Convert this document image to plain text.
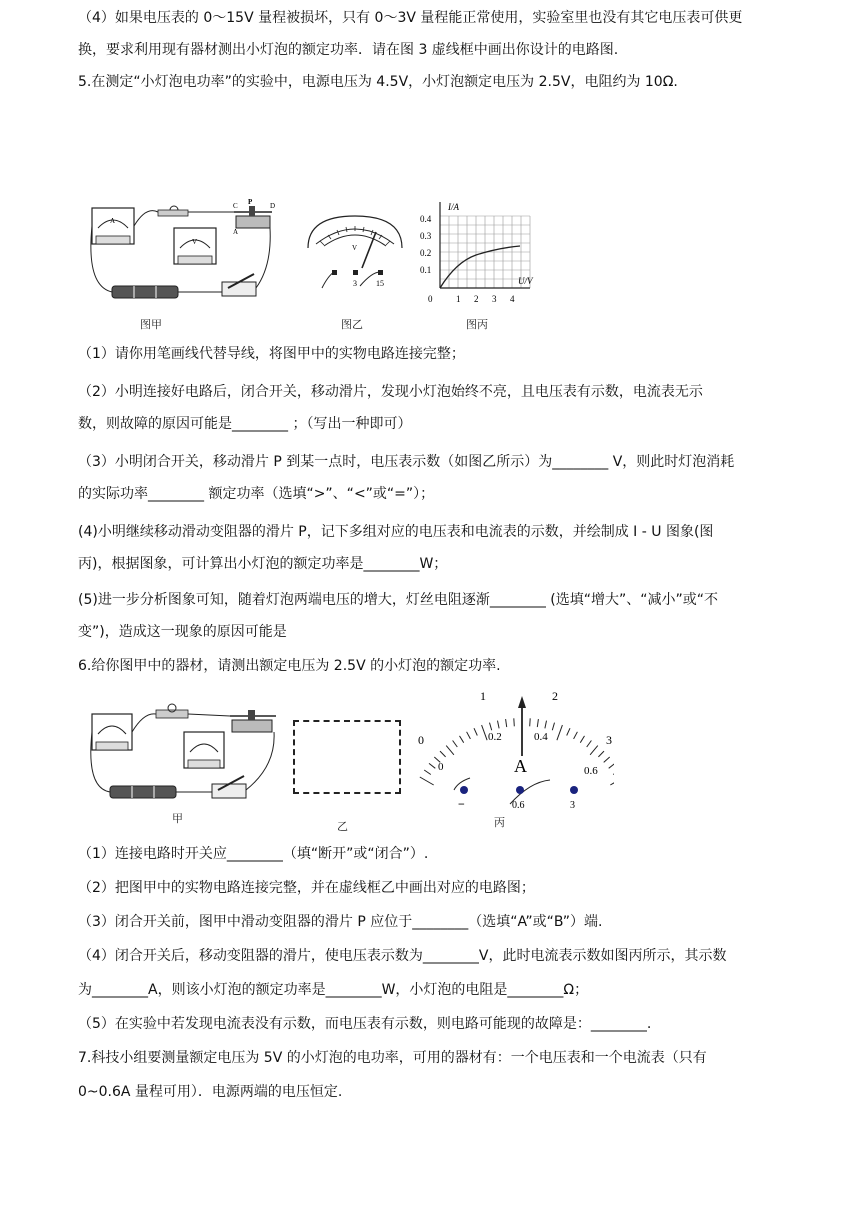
（4）如果电压表的 0～15V 量程被损坏，只有 0～3V 量程能正常使用，实验室里也没有其它电压表可供更
换，要求利用现有器材测出小灯泡的额定功率．请在图 3 虚线框中画出你设计的电路图.
5.在测定“小灯泡电功率”的实验中，电源电压为 4.5V，小灯泡额定电压为 2.5V，电阻约为 10Ω.
A
V
C P	D
A
图甲
V
3 15
图乙
I/A
U/V
0.4
0.3
0.2
0.1
0	1 2 3 4
图丙
（1）请你用笔画线代替导线，将图甲中的实物电路连接完整；
（2）小明连接好电路后，闭合开关，移动滑片，发现小灯泡始终不亮，且电压表有示数，电流表无示
数，则故障的原因可能是________ ；（写出一种即可）
（3）小明闭合开关，移动滑片 P 到某一点时，电压表示数（如图乙所示）为________ V，则此时灯泡消耗
的实际功率________ 额定功率（选填“>”、“<”或“=”）；
(4)小明继续移动滑动变阻器的滑片 P，记下多组对应的电压表和电流表的示数，并绘制成 I - U 图象(图
丙)，根据图象，可计算出小灯泡的额定功率是________W；
(5)进一步分析图象可知，随着灯泡两端电压的增大，灯丝电阻逐渐________ (选填“增大”、“减小”或“不
变”)，造成这一现象的原因可能是
6.给你图甲中的器材，请测出额定电压为 2.5V 的小灯泡的额定功率.
甲
乙
0
1	2
3
0
0.2	0.4
0.6
A
−	0.6	3
丙
（1）连接电路时开关应________（填“断开”或“闭合”）.
（2）把图甲中的实物电路连接完整，并在虚线框乙中画出对应的电路图；
（3）闭合开关前，图甲中滑动变阻器的滑片 P 应位于________（选填“A”或“B”）端.
（4）闭合开关后，移动变阻器的滑片，使电压表示数为________V，此时电流表示数如图丙所示，其示数
为________A，则该小灯泡的额定功率是________W，小灯泡的电阻是________Ω；
（5）在实验中若发现电流表没有示数，而电压表有示数，则电路可能现的故障是：________.
7.科技小组要测量额定电压为 5V 的小灯泡的电功率，可用的器材有：一个电压表和一个电流表（只有
0~0.6A 量程可用）．电源两端的电压恒定.
